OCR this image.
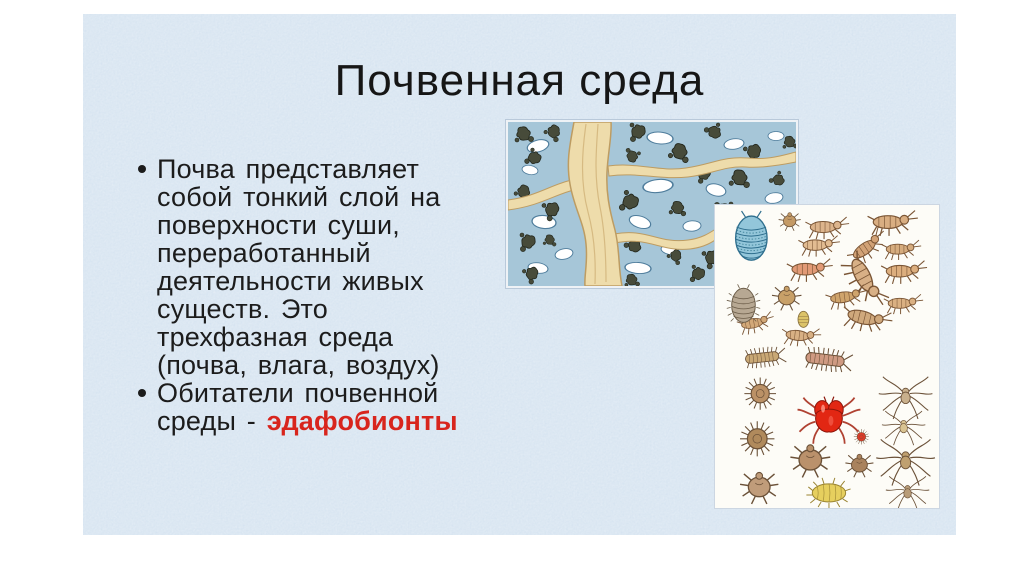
Почвенная среда
Почва представляет
собой тонкий слой на
поверхности суши,
переработанный
деятельности живых
существ. Это
трехфазная среда
(почва, влага, воздух)
Обитатели почвенной
среды - эдафобионты
